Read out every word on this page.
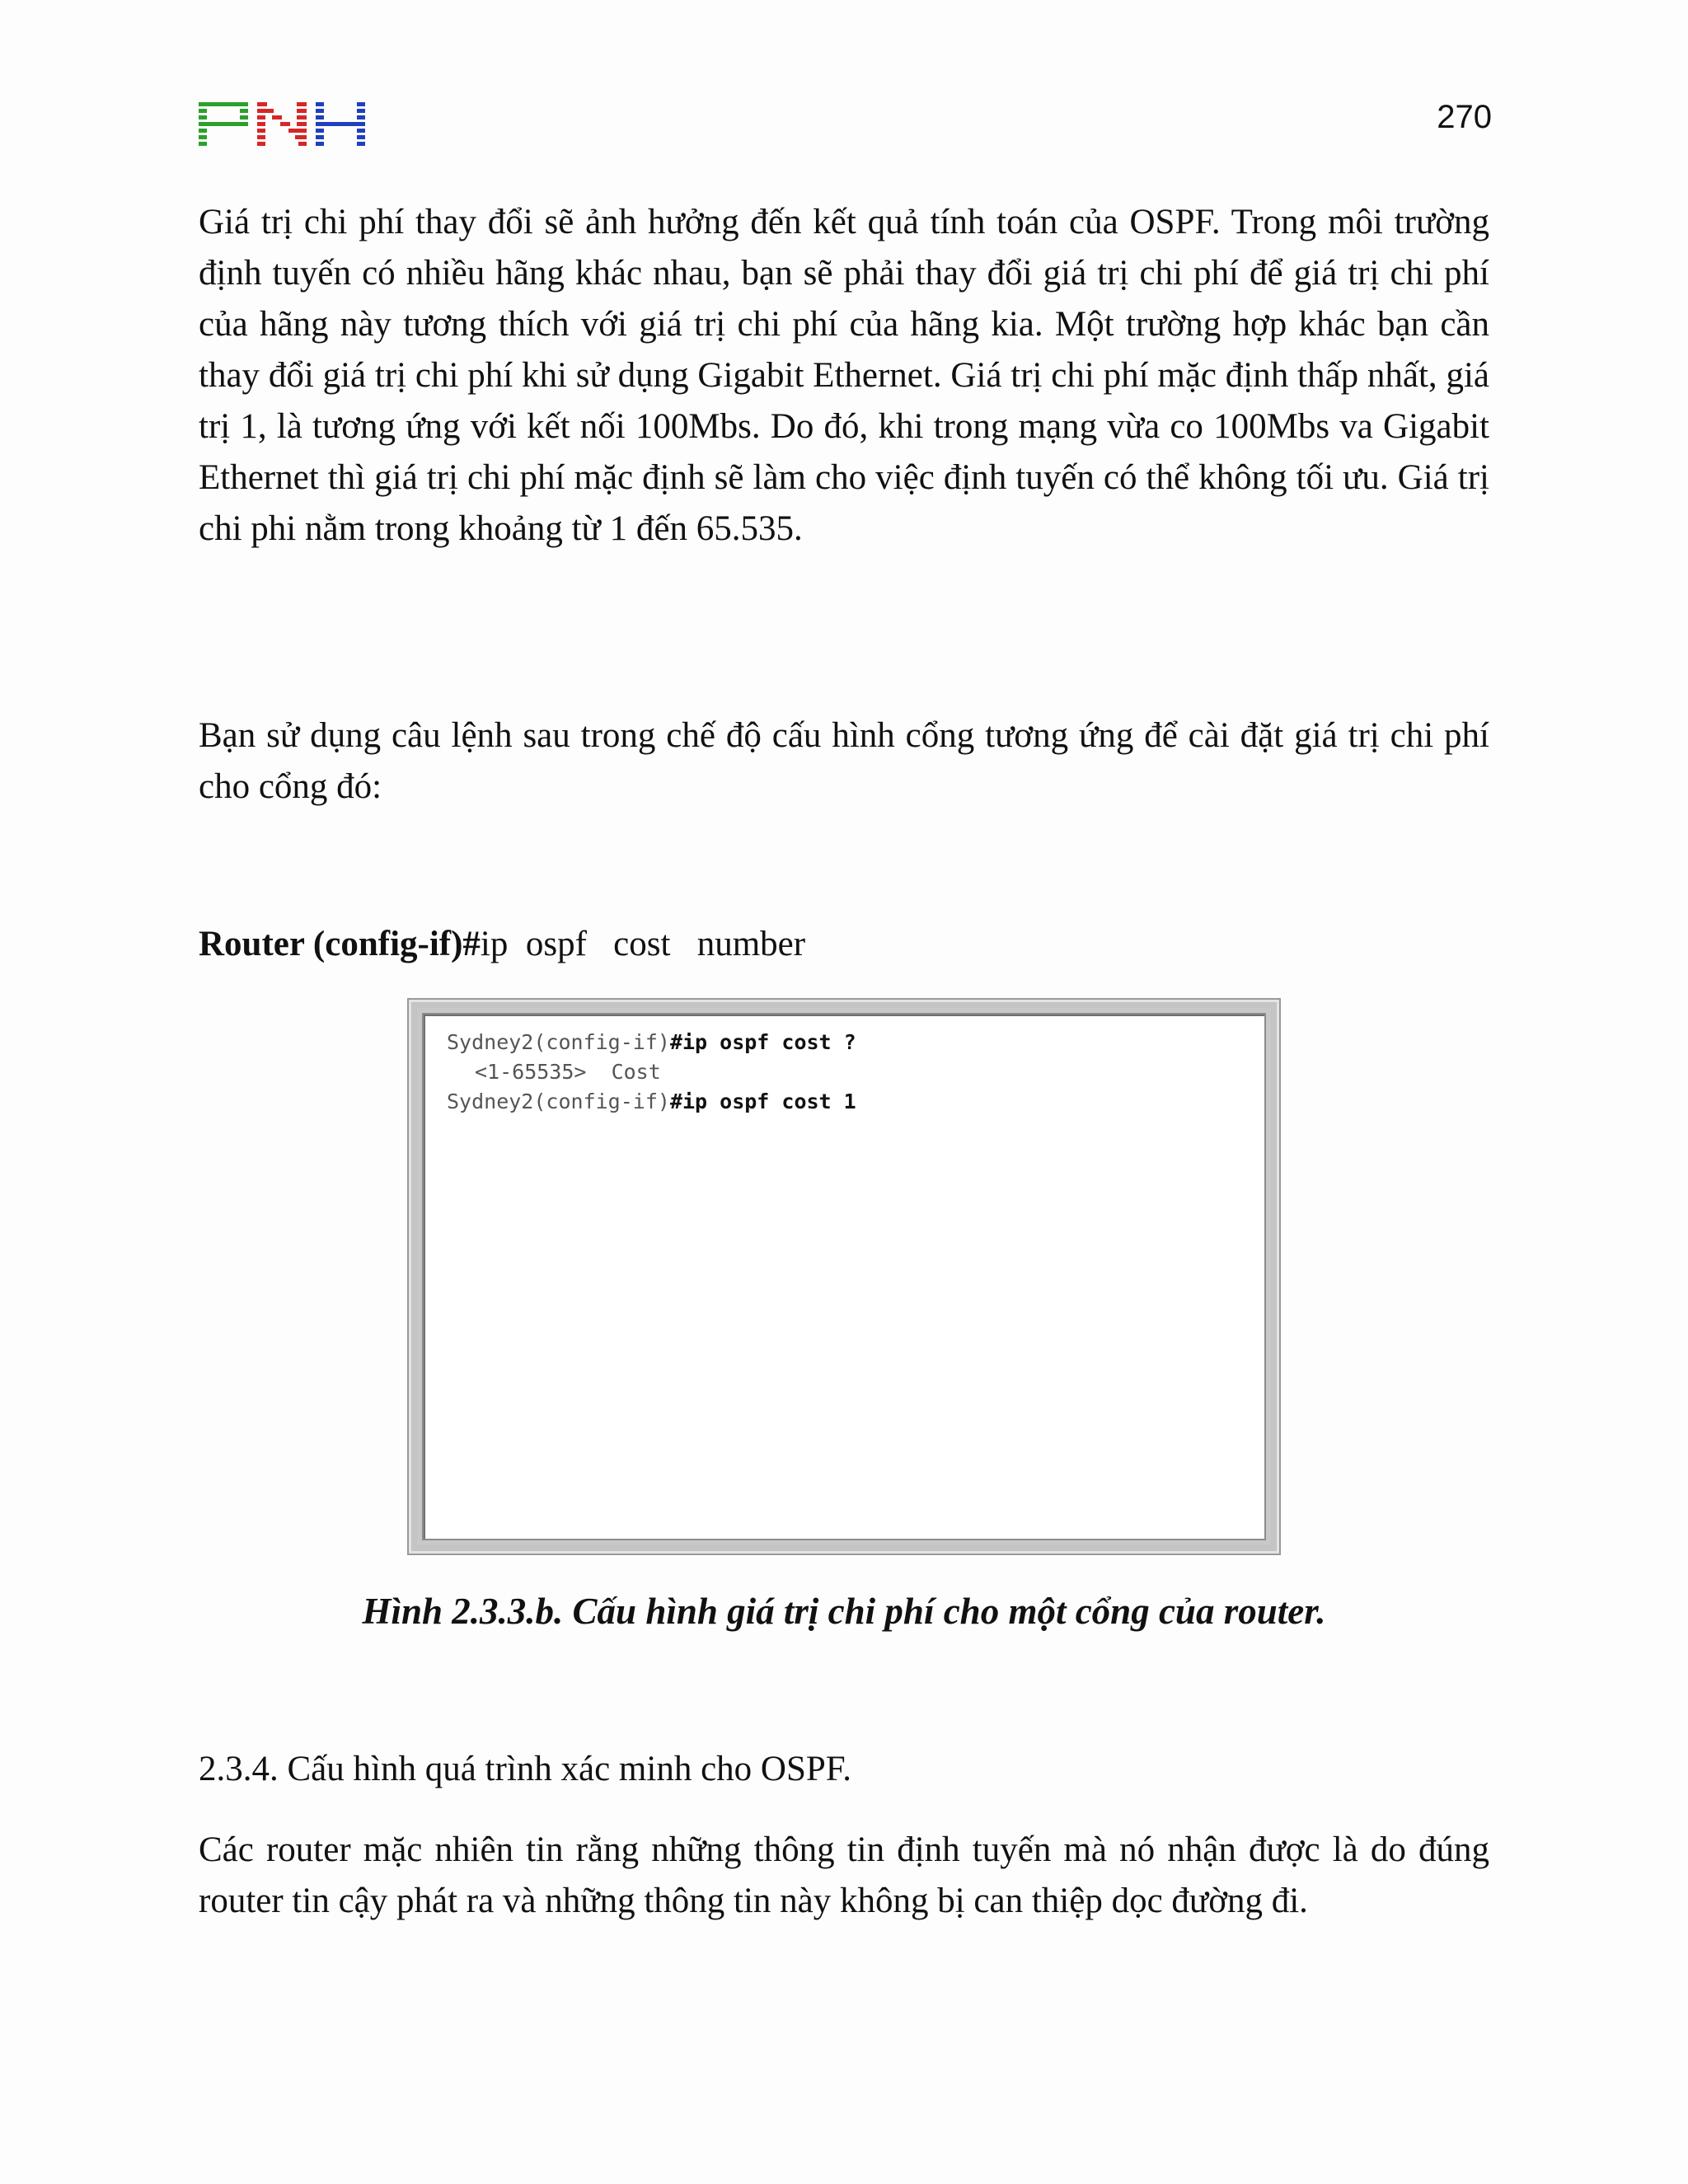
270

Giá trị chi phí thay đổi sẽ ảnh hưởng đến kết quả tính toán của OSPF. Trong môi trường định tuyến có nhiều hãng khác nhau, bạn sẽ phải thay đổi giá trị chi phí để giá trị chi phí của hãng này tương thích với giá trị chi phí của hãng kia. Một trường hợp khác bạn cần thay đổi giá trị chi phí khi sử dụng Gigabit Ethernet. Giá trị chi phí mặc định thấp nhất, giá trị 1, là tương ứng với kết nối 100Mbs. Do đó, khi trong mạng vừa co 100Mbs va Gigabit Ethernet thì giá trị chi phí mặc định sẽ làm cho việc định tuyến có thể không tối ưu. Giá trị chi phi nằm trong khoảng từ 1 đến 65.535.

Bạn sử dụng câu lệnh sau trong chế độ cấu hình cổng tương ứng để cài đặt giá trị chi phí cho cổng đó:

Router (config-if)#ip  ospf   cost   number
Sydney2(config-if)#ip ospf cost ?
<1-65535>  Cost
Sydney2(config-if)#ip ospf cost 1
Hình 2.3.3.b. Cấu hình giá trị chi phí cho một cổng của router.
2.3.4. Cấu hình quá trình xác minh cho OSPF.

Các router mặc nhiên tin rằng những thông tin định tuyến mà nó nhận được là do đúng router tin cậy phát ra và những thông tin này không bị can thiệp dọc đường đi.
